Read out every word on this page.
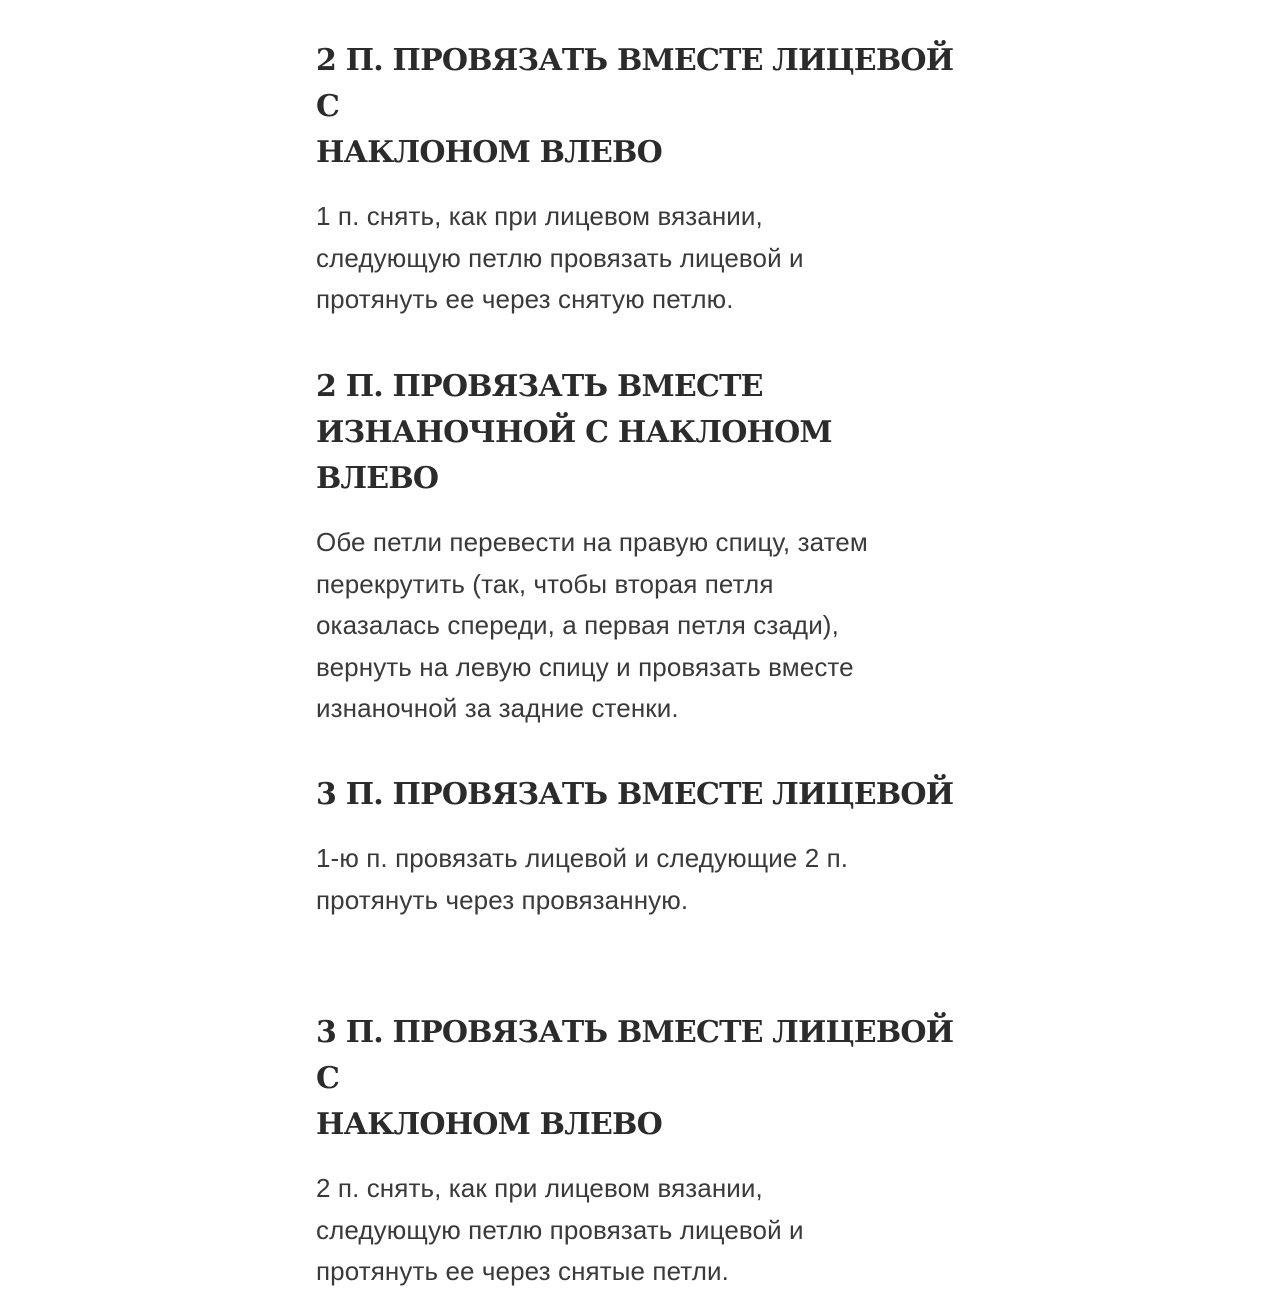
2 П. ПРОВЯЗАТЬ ВМЕСТЕ ЛИЦЕВОЙ С
НАКЛОНОМ ВЛЕВО

1 п. снять, как при лицевом вязании,
следующую петлю провязать лицевой и
протянуть ее через снятую петлю.

2 П. ПРОВЯЗАТЬ ВМЕСТЕ
ИЗНАНОЧНОЙ С НАКЛОНОМ ВЛЕВО

Обе петли перевести на правую спицу, затем
перекрутить (так, чтобы вторая петля
оказалась спереди, а первая петля сзади),
вернуть на левую спицу и провязать вместе
изнаночной за задние стенки.

3 П. ПРОВЯЗАТЬ ВМЕСТЕ ЛИЦЕВОЙ

1-ю п. провязать лицевой и следующие 2 п.
протянуть через провязанную.

3 П. ПРОВЯЗАТЬ ВМЕСТЕ ЛИЦЕВОЙ С
НАКЛОНОМ ВЛЕВО

2 п. снять, как при лицевом вязании,
следующую петлю провязать лицевой и
протянуть ее через снятые петли.
